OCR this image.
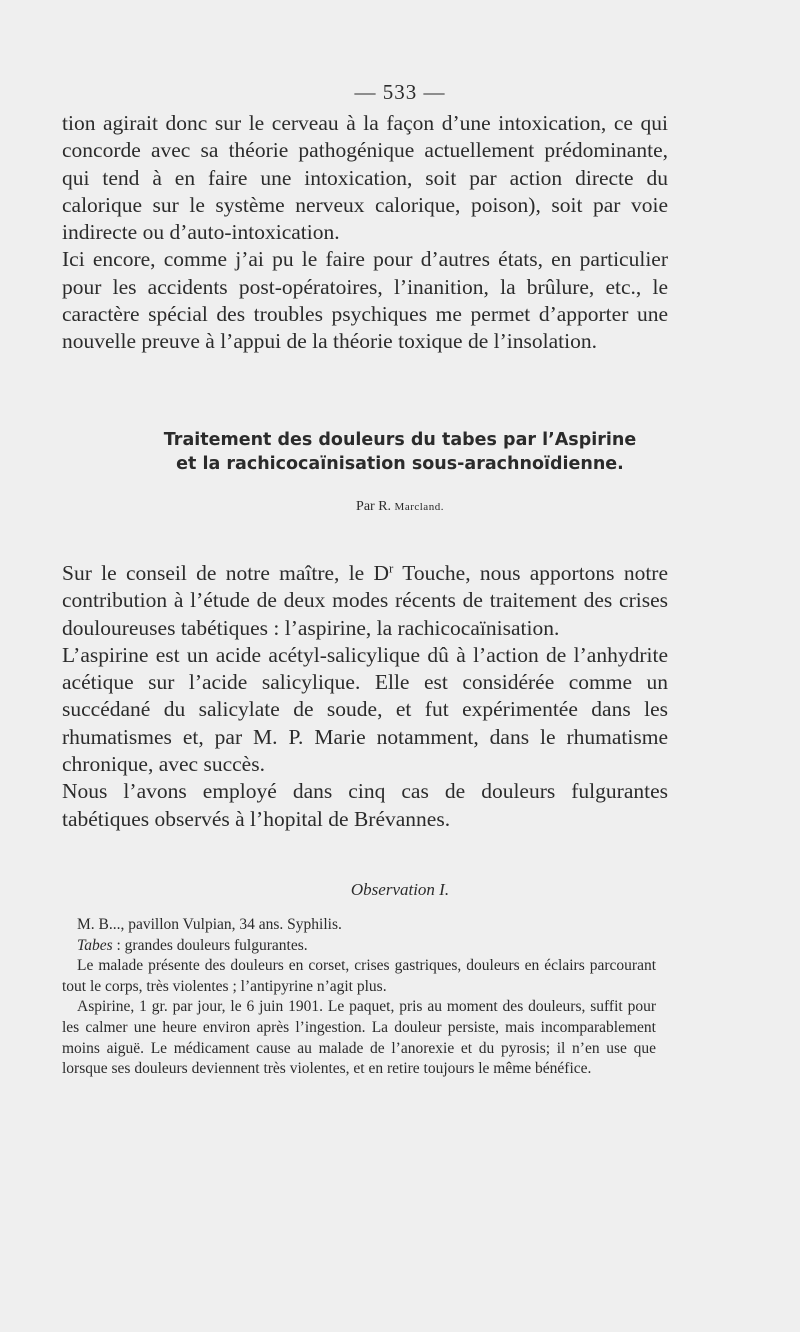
— 533 —

tion agirait donc sur le cerveau à la façon d’une intoxication, ce qui concorde avec sa théorie pathogénique actuellement prédominante, qui tend à en faire une intoxication, soit par action directe du calorique sur le système nerveux calorique, poison), soit par voie indirecte ou d’auto-intoxication.

Ici encore, comme j’ai pu le faire pour d’autres états, en particulier pour les accidents post-opératoires, l’inanition, la brûlure, etc., le caractère spécial des troubles psychiques me permet d’apporter une nouvelle preuve à l’appui de la théorie toxique de l’insolation.

Traitement des douleurs du tabes par l’Aspirine
et la rachicocaïnisation sous-arachnoïdienne.
Par R. Marcland.

Sur le conseil de notre maître, le $D^r$ Touche, nous apportons notre contribution à l’étude de deux modes récents de traitement des crises douloureuses tabétiques : l’aspirine, la rachicocaïnisation.

L’aspirine est un acide acétyl-salicylique dû à l’action de l’anhydrite acétique sur l’acide salicylique. Elle est considérée comme un succédané du salicylate de soude, et fut expérimentée dans les rhumatismes et, par M. P. Marie notamment, dans le rhumatisme chronique, avec succès.

Nous l’avons employé dans cinq cas de douleurs fulgurantes tabétiques observés à l’hopital de Brévannes.

Observation I.

M. B..., pavillon Vulpian, 34 ans. Syphilis.

Tabes : grandes douleurs fulgurantes.

Le malade présente des douleurs en corset, crises gastriques, douleurs en éclairs parcourant tout le corps, très violentes ; l’antipyrine n’agit plus.

Aspirine, 1 gr. par jour, le 6 juin 1901. Le paquet, pris au moment des douleurs, suffit pour les calmer une heure environ après l’ingestion. La douleur persiste, mais incomparablement moins aiguë. Le médicament cause au malade de l’anorexie et du pyrosis; il n’en use que lorsque ses douleurs deviennent très violentes, et en retire toujours le même bénéfice.
